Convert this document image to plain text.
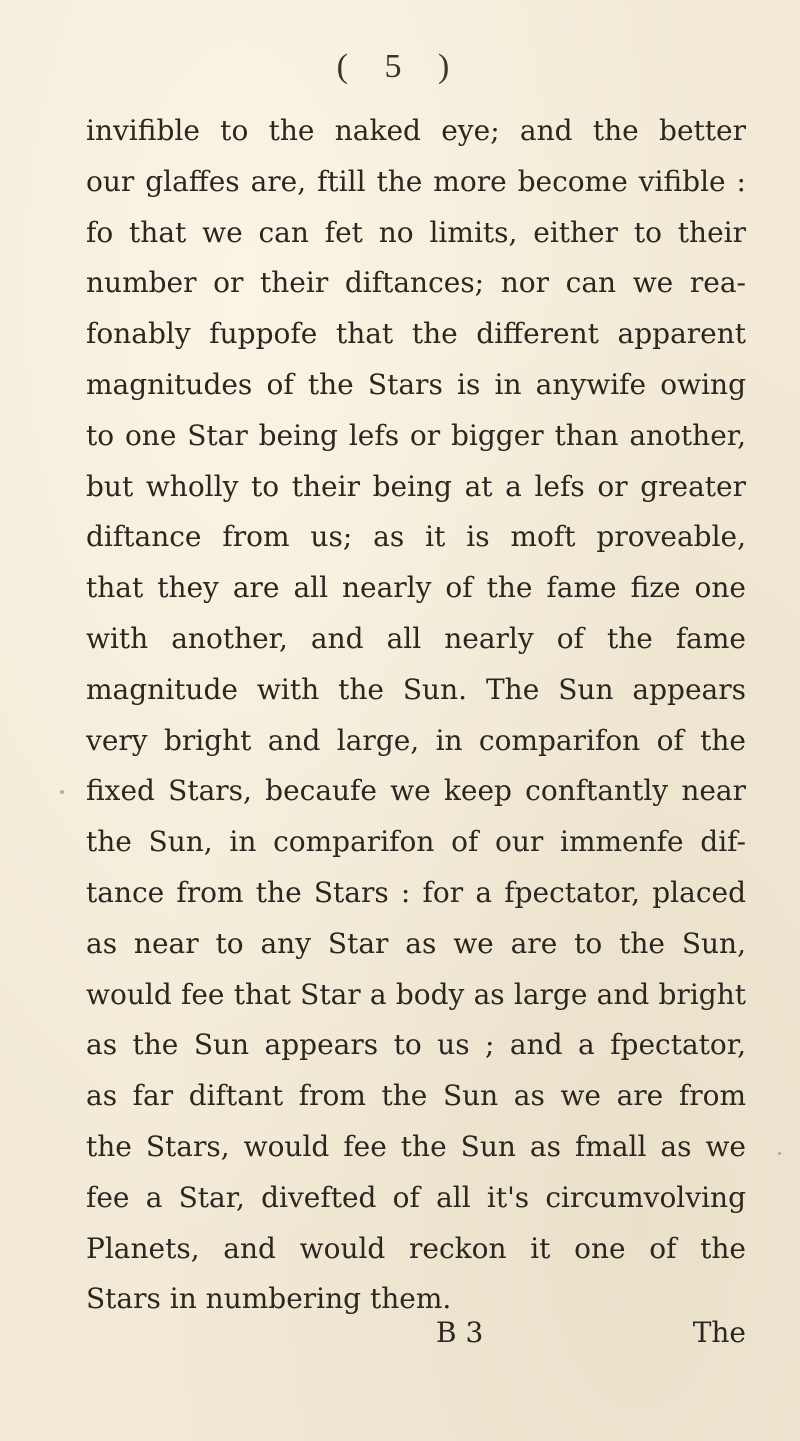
( 5 )
invifible to the naked eye; and the better
our glaffes are, ftill the more become vifible :
fo that we can fet no limits, either to their
number or their diftances; nor can we rea-
fonably fuppofe that the different apparent
magnitudes of the Stars is in anywife owing
to one Star being lefs or bigger than another,
but wholly to their being at a lefs or greater
diftance from us; as it is moft proveable,
that they are all nearly of the fame fize one
with another, and all nearly of the fame
magnitude with the Sun. The Sun appears
very bright and large, in comparifon of the
fixed Stars, becaufe we keep conftantly near
the Sun, in comparifon of our immenfe dif-
tance from the Stars : for a fpectator, placed
as near to any Star as we are to the Sun,
would fee that Star a body as large and bright
as the Sun appears to us ; and a fpectator,
as far diftant from the Sun as we are from
the Stars, would fee the Sun as fmall as we
fee a Star, divefted of all it's circumvolving
Planets, and would reckon it one of the
Stars in numbering them.
B 3	The
